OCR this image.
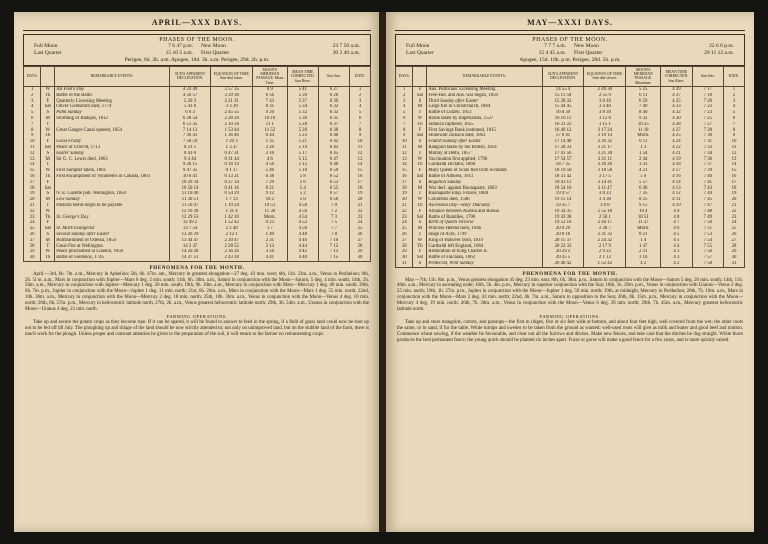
APRIL—XXX DAYS.
PHASES OF THE MOON.
Full Moon	7 6 47 p.m. New Moon	23 7 50 a.m.
Last Quarter	15 10 5 a.m. First Quarter	30 2 40 a.m.
Perigee, 6d. 3h. a.m. Apogee, 18d. 3h. a.m. Perigee, 29d. 2h. p.m.
DAYS.		REMARKABLE EVENTS.	SUN'S APPARENT DECLINATION.	EQUATION OF TIME. Sun-dial faster.	MOON'S MERIDIAN PASSAGE. Mean Time.	MEAN TIME CORRECTED. Sun Rises.	Sun Sets.	DATE.
1	W	All Fool's Day	4 33 49	3 57 35	6 9	5 41	6 27	1
2	Th	Battle of the Baltic	4 56 57	3 39 30	6 56	5 39	6 28	2
3	F	Quarterly Licensing Meeting	5 20 3	3 21 31	7 43	5 37	6 30	3
4	Sat	Oliver Goldsmith died, 1774	5 43 8	3 3 39	8 31	5 34	6 32	4
5	S	Palm Sunday	6 6 3	2 45 55	9 20	5 32	6 33	5
6	M	Storming of Badajos, 1812	6 28 54	2 28 20	10 10	5 30	6 35	6
7	T		6 51 35	2 10 56	11 1	5 28	6 37	7
8	W	Great Ganges Canal opened, 1854	7 14 13	1 53 44	11 52	5 26	6 38	8
9	Th		7 36 41	1 36 46	0 44	5 23	6 40	9
10	F	Good Friday	7 58 59	1 20 3	1 35	5 21	6 42	10
11	Sat	Peace of Utrecht, 1713	8 21 5	1 3 37	2 26	5 19	6 43	11
12	S	Easter Sunday	8 43 0	0 47 31	3 16	5 17	6 45	12
13	M	Sir G. C. Lewis died, 1863	9 4 44	0 31 44	4 6	5 15	6 47	13
14	T		9 26 15	0 16 19	4 56	5 12	6 48	14
15	W	First Sumpter taken, 1861	9 47 35	0 1 17	5 46	5 10	6 50	15
16	Th	First encampment of Volunteers in Canada, 1863	10 8 41	0 13 21	6 38	5 8	6 52	16
17	F		10 29 34	0 27 34	7 29	5 6	6 53	17
18	Sat		10 50 14	0 41 16	8 21	5 4	6 55	18
19	S	N. E. Gazette pub. Wellington, 1850	11 10 40	0 54 29	9 12	5 2	6 57	19
20	M	Low Sunday	11 30 51	1 7 13	10 2	5 0	6 58	20
21	T	Pastoral Rents begin to be payable	11 50 47	1 19 24	10 51	4 58	7 0	21
22	W		12 10 28	1 31 4	11 38	4 56	7 2	22
23	Th	St. George's Day	12 29 53	1 42 10	Morn.	4 54	7 3	23
24	F		12 49 2	1 52 42	0 23	4 52	7 5	24
25	Sat	St. Mark Evangelist	13 7 54	2 2 40	1 7	4 50	7 7	25
26	S	Second Sunday after Easter	13 26 29	2 12 1	1 49	4 48	7 8	26
27	M	Bombardment of Odessa, 1854	13 44 47	2 20 47	2 31	4 46	7 10	27
28	T	Great Fire at Wellington	14 2 47	2 28 55	3 13	4 44	7 12	28
29	W	Peace proclaimed in London, 1856	14 20 28	2 36 26	3 56	4 42	7 13	29
30	Th	Battle of Fontenoy, 1745	14 37 51	2 43 18	4 41	4 40	7 15	30
PHENOMENA FOR THE MONTH.
April.—3rd, 6h. 7m. a.m., Mercury in Aphelion; 5th, 6h. 47m. am., Mercury in greatest elongation—27 deg. 43 min. west; 6th, 11h. 33m. a.m., Venus in Perihelion; 9th, 2h. 5l m. a.m., Mars in conjunction with Jupiter—Mars 0 deg. 2 min. south; 11th, 6h. 30m. a.m., Saturn in conjunction with the Moon—Saturn, 5 deg. 4 min. south; 14th, 2h. 50m. a.m., Mercury in conjunction with Jupiter—Mercury 1 deg. 26 min. south; 19th, 9h. 10m. a.m., Mercury in conjunction with Mars—Mercury 1 deg. 40 min. south; 20th, 6h. 7m. p.m., Jupiter in conjunction with the Moon—Jupiter 1 deg. 11 min. north; 21st, 6h. 20m. a.m., Mars in conjunction with the Moon—Mars 1 deg. 55 min. north; 22nd, 10h. 36m. a.m., Mercury in conjunction with the Moon—Mercury 2 deg. 18 min. north; 25th, 10h. 36m. a.m., Venus in conjunction with the Moon—Venus 4 deg. 10 min. north; 26th, 6h. 57m. p.m., Mercury in heliocentric latitude north; 27th, 2h. a.m., Venus greatest heliocentric latitude north; 29th, 3h. 54m. a.m., Uranus in conjunction with the Moon—Uranus 4 deg. 23 min. north.
FARMING OPERATIONS.
Take up and secure the potato crops as they become ripe. If it can be spared, it will be found to answer to feed in the spring, if a field of grass land could now be shut up not to be fed off till July. The ploughing up and tillage of the land should be now strictly attended to; not only on unimproved land, but on the stubble land of the farm, there is much work for the plough. Unless proper and constant attention be given to the preparation of the soil, it will return to the farmer no remunerating crops.
MAY—XXXI DAYS.
PHASES OF THE MOON.
Full Moon	7 7 7 a.m. New Moon	22 6 6 p.m.
Last Quarter	15 4 45 a.m. First Quarter	29 11 12 a.m.
Apogee, 15d. 10h. p.m. Perigee, 28d. 5h. p.m.
DAYS.		REMARKABLE EVENTS.	SUN'S APPARENT DECLINATION.	EQUATION OF TIME. Sun-dial slower.	MOON'S MERIDIAN PASSAGE. Meantime.	MEAN TIME CORRECTED. Sun Rises.	Sun Sets.	DATE.
1	F	Aus. Publicans' Licensing Meeting	14 55 4	2 49 38	5 25	4 39	7 17	1
2	Sat	Free-Hol. and Aus. war began, 1859	15 11 58	2 55 9	6 11	4 37	7 18	2
3	S	Third Sunday after Easter	15 28 32	3 0 10	6 59	4 35	7 20	3
4	M	Large fire in Christchurch, 1864	15 44 45	3 4 40	7 49	4 33	7 22	4
5	T	Battle of Lutzen, 1813	16 0 39	3 8 39	8 40	4 32	7 23	5
6	W	Rome taken by Imperialists, 1527	16 16 11	3 12 6	9 32	4 30	7 25	6
7	Th	Jamaica captured, 1655	16 31 22	3 15 1	10 25	4 28	7 27	7
8	F	First Savings Bank instituted, 1815	16 46 12	3 17 24	11 18	4 27	7 28	8
9	Sat	Stonewall Jackson died, 1863	17 0 41	3 19 14	Morn.	4 25	7 30	9
10	S	Fourth Sunday after Easter	17 14 48	3 20 32	0 11	4 24	7 31	10
11	M	Rangoon taken by the British, 1824	17 28 33	3 21 17	1 3	4 22	7 33	11
12	T	Mutiny at Delhi, 1857	17 41 56	3 21 30	1 54	4 21	7 34	12
13	W	Vaccination first applied, 1796	17 54 57	3 21 11	2 44	4 19	7 36	13
14	Th	Garibaldi Dictator, 1860	18 7 35	3 20 20	3 33	4 18	7 37	14
15	F	Mary Queen of Scots fled from Scotland	18 19 50	3 18 58	4 21	4 17	7 39	15
16	Sat	Battle of Albuera, 1811	18 31 42	3 17 5	5 9	4 16	7 40	16
17	S	Rogation Sunday	18 43 11	3 14 41	5 57	4 14	7 41	17
18	M	War decl. against Buonaparte, 1803	18 54 16	3 11 47	6 46	4 13	7 43	18
19	T	Buonaparte Emp. France, 1804	19 4 57	3 8 23	7 35	4 12	7 44	19
20	W	Columbus died, 1506	19 15 14	3 4 30	8 25	4 11	7 45	20
21	Th	Ascension Day—Holy Thursday	19 25 7	3 0 8	9 15	4 10	7 47	21
22	F	Alliance between Austria and Russia	19 34 35	2 55 18	10 4	4 9	7 48	22
23	Sat	Battle of Ramilies, 1706	19 43 38	2 50 1	10 51	4 8	7 49	23
24	S	Birth of Queen Victoria	19 52 16	2 44 17	11 37	4 7	7 50	24
25	M	Princess Helena born, 1846	20 0 29	2 38 7	Morn.	4 6	7 51	25
26	T	Siege of Acre, 1799	20 8 16	2 31 32	0 21	4 5	7 53	26
27	W	King of Hanover born, 1819	20 15 37	2 24 32	1 4	4 5	7 54	27
28	Th	Garibaldi left England, 1864	20 22 33	2 17 9	1 47	4 4	7 55	28
29	F	Restoration of King Charles II.	20 29 2	2 9 22	2 31	4 3	7 56	29
30	Sat	Battle of Falcaska, 1862	20 35 5	2 1 13	3 16	4 3	7 57	30
31	S	Pentecost, Whit Sunday	20 40 42	1 52 42	4 2	4 2	7 58	31
PHENOMENA FOR THE MONTH.
May.—7th, 11h. 8m. p.m., Venus greatest elongation 45 deg. 23 min. east; 8th, 6h. 38m. p.m., Saturn in conjunction with the Moon—Saturn 5 deg. 26 min. south; 14th, 11h. 46m. a.m., Mercury in ascending node; 16th, 5h. 4m. p.m., Mercury in superior conjunction with the Sun; 18th, 1h. 20m. p.m., Venus in conjunction with Uranus—Venus 2 deg. 55 min. north; 19th, 1h. 27m. p.m., Jupiter in conjunction with the Moon—Jupiter 1 deg. 50 min. north; 19th, at midnight, Mercury in Perihelion; 20th, 7h. 10m. a.m., Mars in conjunction with the Moon—Mars 2 deg. 43 min. north; 22nd, 4h. 7m. a.m., Saturn in opposition to the Sun; 26th, 8h. 15m. p.m., Mercury in conjunction with the Moon—Mercury 4 deg. 19 min. north; 26th, 7h. 30m. a.m., Venus in conjunction with the Moon—Venus 6 deg. 39 min. north; 29th, 7h. 45m. a.m., Mercury greatest heliocentric latitude north.
FARMING OPERATIONS.
Take up and store mangolds, carrots, and parsnips—the first in ridges, five or six feet wide at bottom, and about four feet high, well covered from the wet; the other roots the same, or in sand, if for the table. White turnips and swedes to be taken from the ground as wanted; well-used roots will give as milk and butter and good beef and mutton. Commence wheat sowing, if the weather be favourable, and clear out all the furrows and ditches. Make new fences, and take care that the ditches be dug straight. White thorn produces the best permanent fence; the young quick should be planted six inches apart. Furze or gorse will make a good fence for a few years, and is more quickly raised.
